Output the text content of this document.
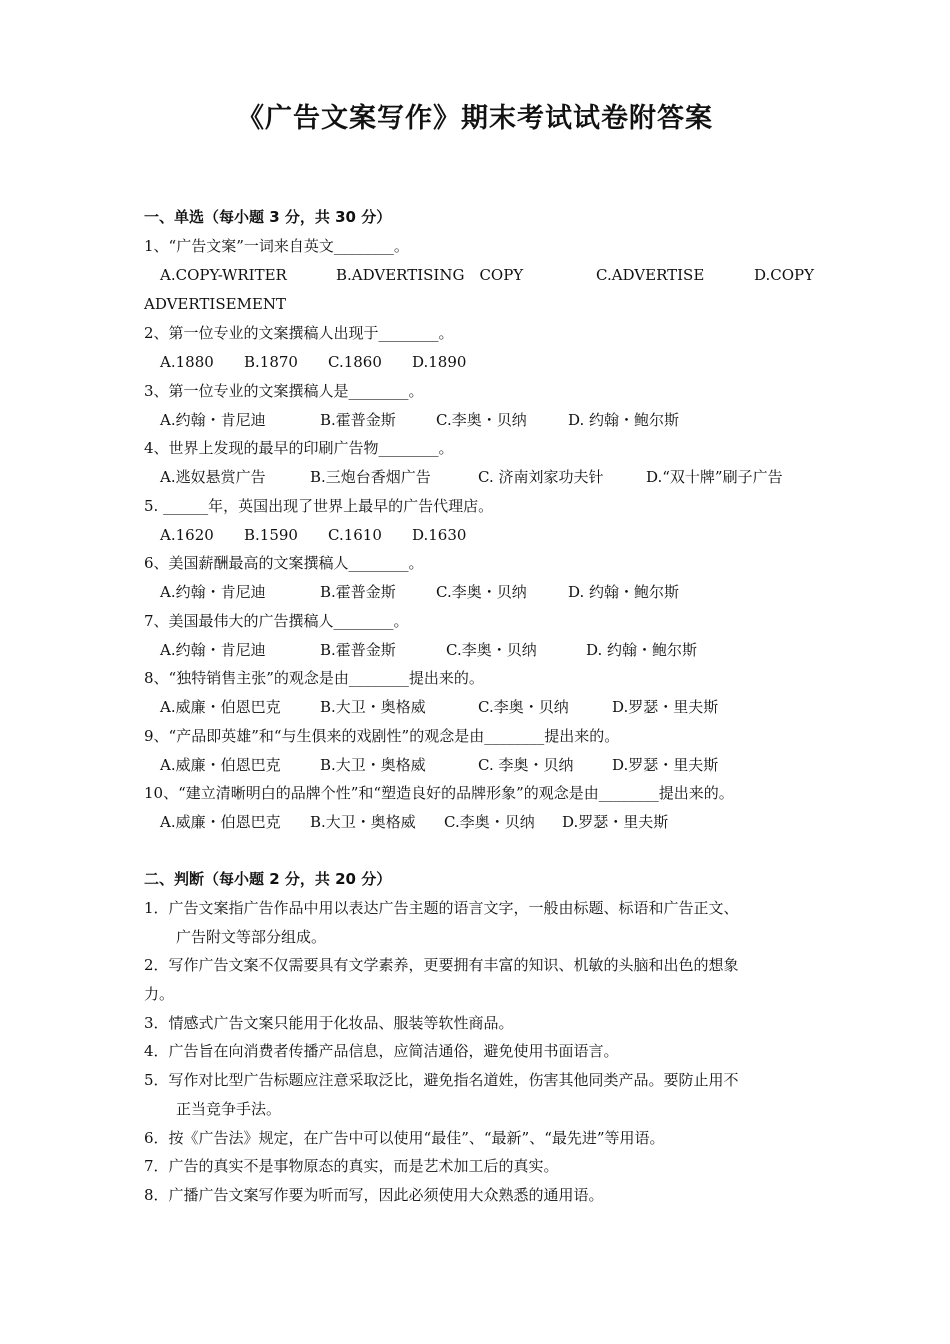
《广告文案写作》期末考试试卷附答案
一、单选（每小题 3 分，共 30 分）
1、“广告文案”一词来自英文________。
A.COPY-WRITER	B.ADVERTISING　COPY	C.ADVERTISE	D.COPY
ADVERTISEMENT
2、第一位专业的文案撰稿人出现于________。
A.1880 B.1870 C.1860 D.1890
3、第一位专业的文案撰稿人是________。
A.约翰・肯尼迪	B.霍普金斯	C.李奥・贝纳	D. 约翰・鲍尔斯
4、世界上发现的最早的印刷广告物________。
A.逃奴悬赏广告	B.三炮台香烟广告	C. 济南刘家功夫针	D.“双十牌”刷子广告
5. ______年，英国出现了世界上最早的广告代理店。
A.1620 B.1590 C.1610 D.1630
6、美国薪酬最高的文案撰稿人________。
A.约翰・肯尼迪	B.霍普金斯	C.李奥・贝纳	D. 约翰・鲍尔斯
7、美国最伟大的广告撰稿人________。
A.约翰・肯尼迪	B.霍普金斯	C.李奥・贝纳	D. 约翰・鲍尔斯
8、“独特销售主张”的观念是由________提出来的。
A.威廉・伯恩巴克	B.大卫・奥格威	C.李奥・贝纳	D.罗瑟・里夫斯
9、“产品即英雄”和“与生俱来的戏剧性”的观念是由________提出来的。
A.威廉・伯恩巴克	B.大卫・奥格威	C. 李奥・贝纳	D.罗瑟・里夫斯
10、“建立清晰明白的品牌个性”和“塑造良好的品牌形象”的观念是由________提出来的。
A.威廉・伯恩巴克 B.大卫・奥格威 C.李奥・贝纳 D.罗瑟・里夫斯
二、判断（每小题 2 分，共 20 分）
1．广告文案指广告作品中用以表达广告主题的语言文字，一般由标题、标语和广告正文、
广告附文等部分组成。
2．写作广告文案不仅需要具有文学素养，更要拥有丰富的知识、机敏的头脑和出色的想象
力。
3．情感式广告文案只能用于化妆品、服装等软性商品。
4．广告旨在向消费者传播产品信息，应简洁通俗，避免使用书面语言。
5．写作对比型广告标题应注意采取泛比，避免指名道姓，伤害其他同类产品。要防止用不
正当竞争手法。
6．按《广告法》规定，在广告中可以使用“最佳”、“最新”、“最先进”等用语。
7．广告的真实不是事物原态的真实，而是艺术加工后的真实。
8．广播广告文案写作要为听而写，因此必须使用大众熟悉的通用语。
